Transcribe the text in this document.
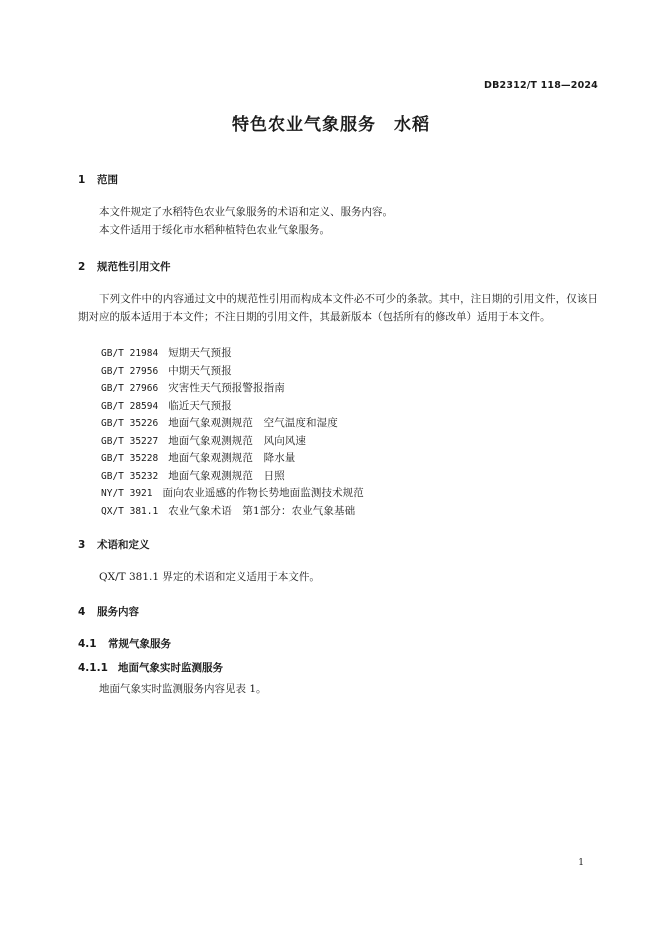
DB2312/T 118—2024
特色农业气象服务　水稻
1 范围

本文件规定了水稻特色农业气象服务的术语和定义、服务内容。

本文件适用于绥化市水稻种植特色农业气象服务。

2 规范性引用文件

下列文件中的内容通过文中的规范性引用而构成本文件必不可少的条款。其中，注日期的引用文件，仅该日期对应的版本适用于本文件；不注日期的引用文件，其最新版本（包括所有的修改单）适用于本文件。

GB/T 21984 短期天气预报
GB/T 27956 中期天气预报
GB/T 27966 灾害性天气预报警报指南
GB/T 28594 临近天气预报
GB/T 35226 地面气象观测规范　空气温度和湿度
GB/T 35227 地面气象观测规范　风向风速
GB/T 35228 地面气象观测规范　降水量
GB/T 35232 地面气象观测规范　日照
NY/T 3921 面向农业遥感的作物长势地面监测技术规范
QX/T 381.1 农业气象术语　第1部分：农业气象基础
3 术语和定义

QX/T 381.1 界定的术语和定义适用于本文件。

4 服务内容
4.1 常规气象服务
4.1.1 地面气象实时监测服务

地面气象实时监测服务内容见表 1。

1
